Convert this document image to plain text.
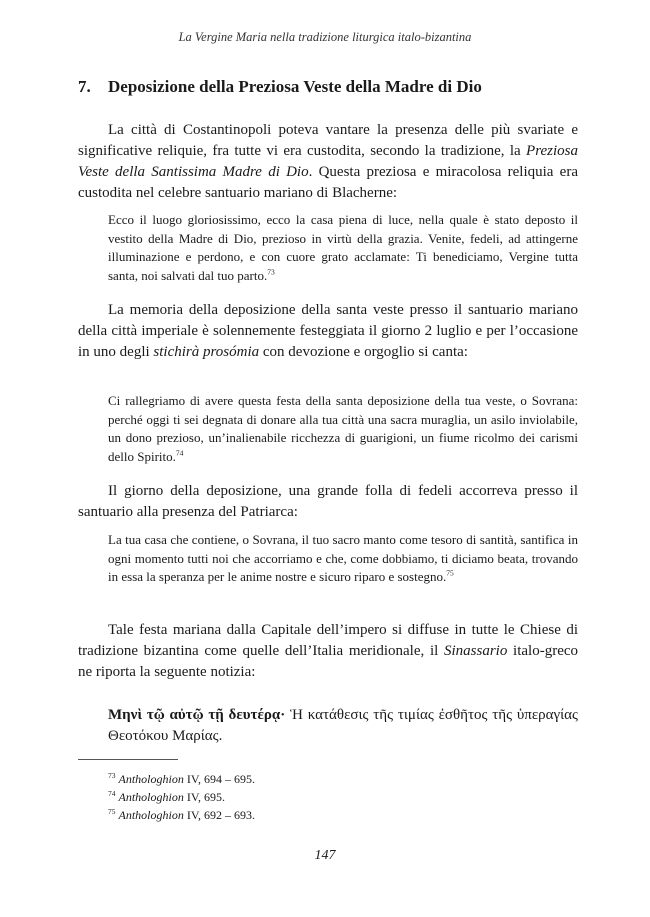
La Vergine Maria nella tradizione liturgica italo-bizantina
7. Deposizione della Preziosa Veste della Madre di Dio

La città di Costantinopoli poteva vantare la presenza delle più svariate e significative reliquie, fra tutte vi era custodita, secondo la tradizione, la Preziosa Veste della Santissima Madre di Dio. Questa preziosa e miracolosa reliquia era custodita nel celebre santuario mariano di Blacherne:

Ecco il luogo gloriosissimo, ecco la casa piena di luce, nella quale è stato deposto il vestito della Madre di Dio, prezioso in virtù della grazia. Venite, fedeli, ad attingerne illuminazione e perdono, e con cuore grato acclamate: Ti benediciamo, Vergine tutta santa, noi salvati dal tuo parto.$^{73}$

La memoria della deposizione della santa veste presso il santuario mariano della città imperiale è solennemente festeggiata il giorno 2 luglio e per l’occasione in uno degli stichirà prosómia con devozione e orgoglio si canta:

Ci rallegriamo di avere questa festa della santa deposizione della tua veste, o Sovrana: perché oggi ti sei degnata di donare alla tua città una sacra muraglia, un asilo inviolabile, un dono prezioso, un’inalienabile ricchezza di guarigioni, un fiume ricolmo dei carismi dello Spirito.$^{74}$

Il giorno della deposizione, una grande folla di fedeli accorreva presso il santuario alla presenza del Patriarca:

La tua casa che contiene, o Sovrana, il tuo sacro manto come tesoro di santità, santifica in ogni momento tutti noi che accorriamo e che, come dobbiamo, ti diciamo beata, trovando in essa la speranza per le anime nostre e sicuro riparo e sostegno.$^{75}$

Tale festa mariana dalla Capitale dell’impero si diffuse in tutte le Chiese di tradizione bizantina come quelle dell’Italia meridionale, il Sinassario italo-greco ne riporta la seguente notizia:

Μηνὶ τῷ αὐτῷ τῇ δευτέρᾳ· Ἡ κατάθεσις τῆς τιμίας ἐσθῆτος τῆς ὑπεραγίας Θεοτόκου Μαρίας.

$^{73}$ Anthologhion IV, 694 – 695.
$^{74}$ Anthologhion IV, 695.
$^{75}$ Anthologhion IV, 692 – 693.
147
